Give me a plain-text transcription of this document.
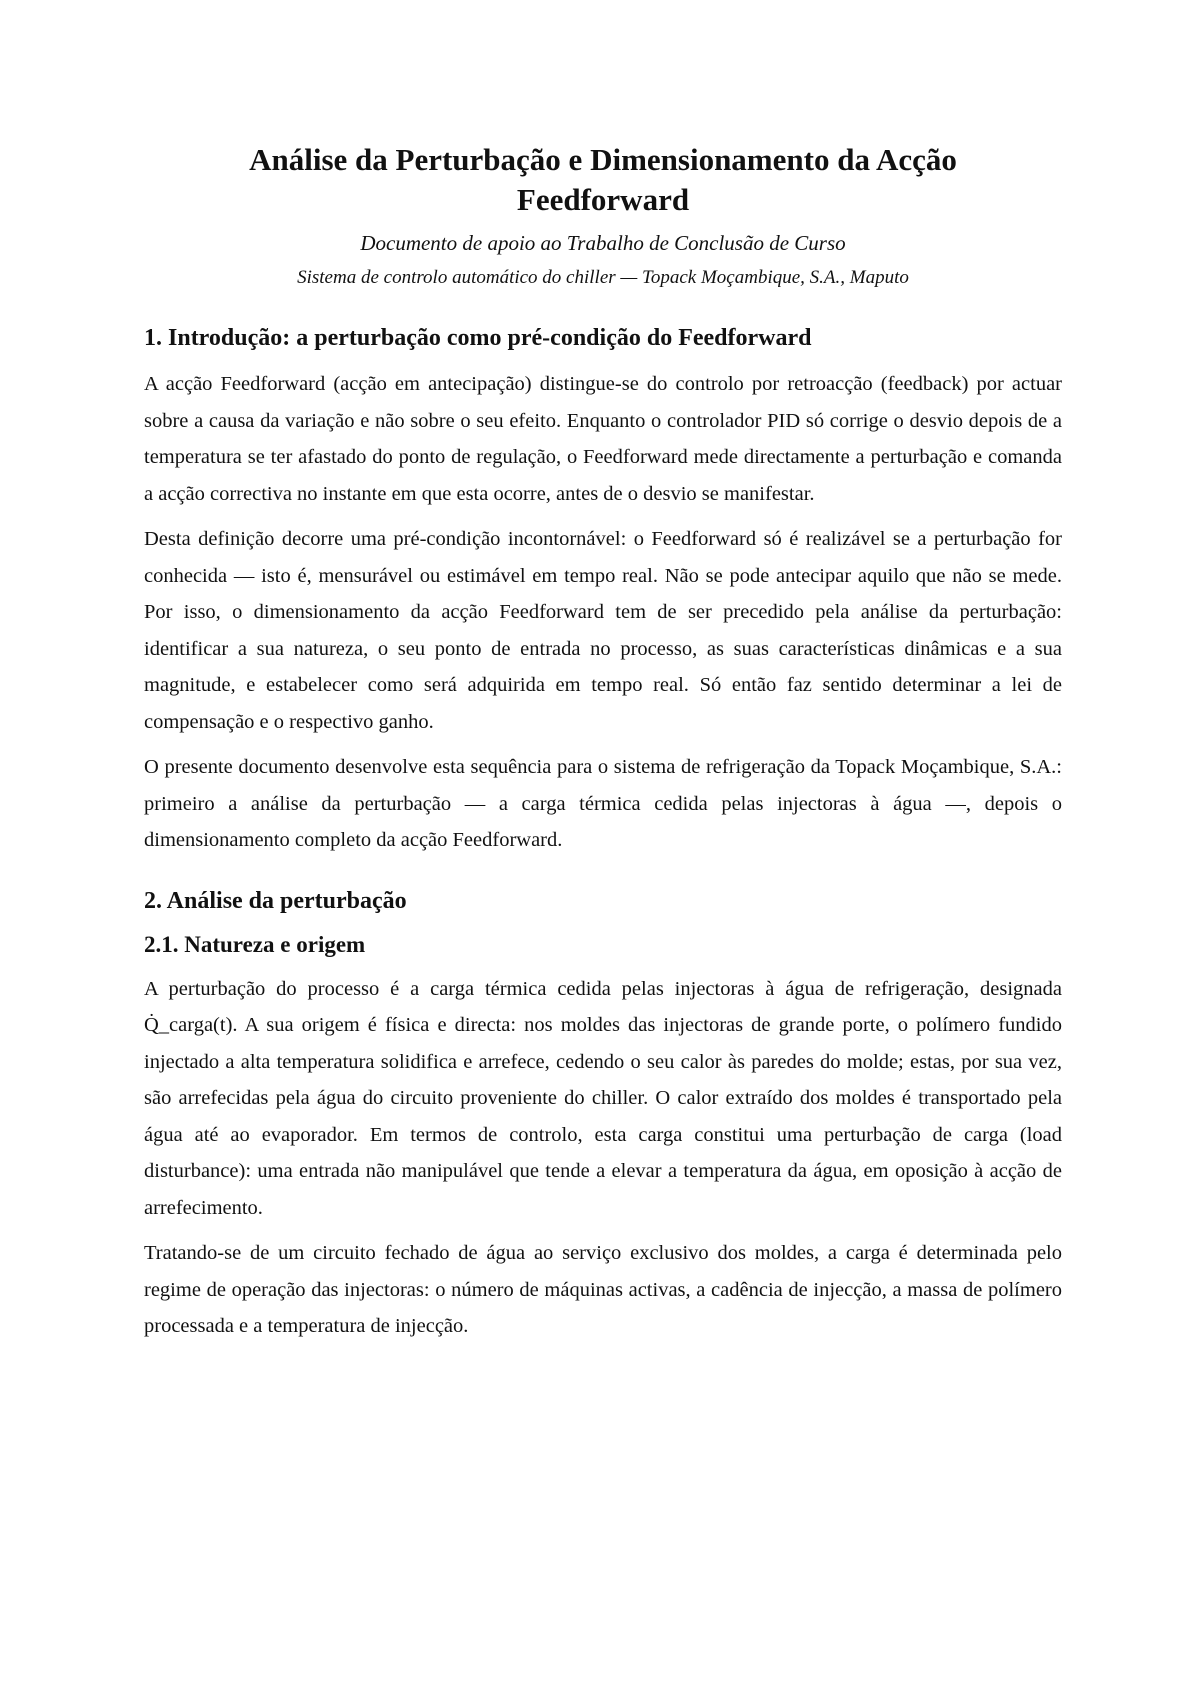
Análise da Perturbação e Dimensionamento da Acção Feedforward

Documento de apoio ao Trabalho de Conclusão de Curso

Sistema de controlo automático do chiller — Topack Moçambique, S.A., Maputo

1. Introdução: a perturbação como pré-condição do Feedforward

A acção Feedforward (acção em antecipação) distingue-se do controlo por retroacção (feedback) por actuar sobre a causa da variação e não sobre o seu efeito. Enquanto o controlador PID só corrige o desvio depois de a temperatura se ter afastado do ponto de regulação, o Feedforward mede directamente a perturbação e comanda a acção correctiva no instante em que esta ocorre, antes de o desvio se manifestar.

Desta definição decorre uma pré-condição incontornável: o Feedforward só é realizável se a perturbação for conhecida — isto é, mensurável ou estimável em tempo real. Não se pode antecipar aquilo que não se mede. Por isso, o dimensionamento da acção Feedforward tem de ser precedido pela análise da perturbação: identificar a sua natureza, o seu ponto de entrada no processo, as suas características dinâmicas e a sua magnitude, e estabelecer como será adquirida em tempo real. Só então faz sentido determinar a lei de compensação e o respectivo ganho.

O presente documento desenvolve esta sequência para o sistema de refrigeração da Topack Moçambique, S.A.: primeiro a análise da perturbação — a carga térmica cedida pelas injectoras à água —, depois o dimensionamento completo da acção Feedforward.

2. Análise da perturbação
2.1. Natureza e origem

A perturbação do processo é a carga térmica cedida pelas injectoras à água de refrigeração, designada Q̇_carga(t). A sua origem é física e directa: nos moldes das injectoras de grande porte, o polímero fundido injectado a alta temperatura solidifica e arrefece, cedendo o seu calor às paredes do molde; estas, por sua vez, são arrefecidas pela água do circuito proveniente do chiller. O calor extraído dos moldes é transportado pela água até ao evaporador. Em termos de controlo, esta carga constitui uma perturbação de carga (load disturbance): uma entrada não manipulável que tende a elevar a temperatura da água, em oposição à acção de arrefecimento.

Tratando-se de um circuito fechado de água ao serviço exclusivo dos moldes, a carga é determinada pelo regime de operação das injectoras: o número de máquinas activas, a cadência de injecção, a massa de polímero processada e a temperatura de injecção.
